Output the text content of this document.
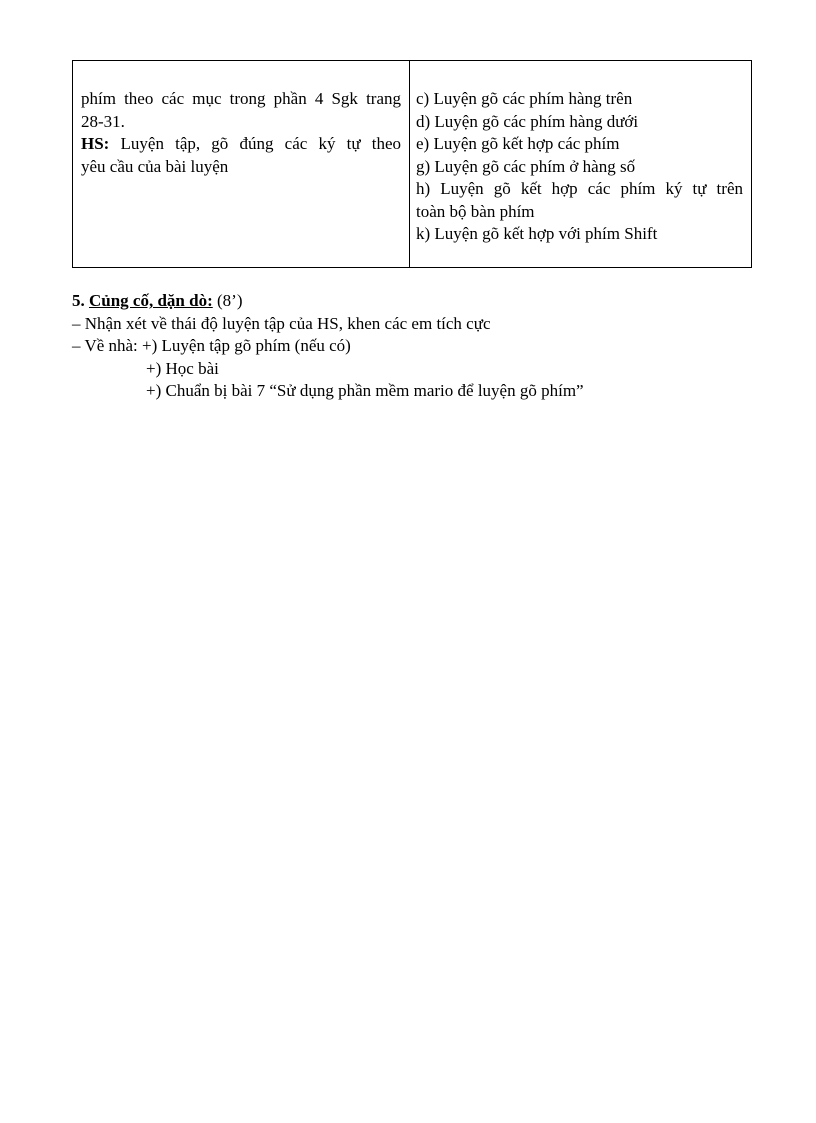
phím theo các mục trong phần 4 Sgk trang
28-31.
HS: Luyện tập, gõ đúng các ký tự theo
yêu cầu của bài luyện

c) Luyện gõ các phím hàng trên
d) Luyện gõ các phím hàng dưới
e) Luyện gõ kết hợp các phím
g) Luyện gõ các phím ở hàng số
h) Luyện gõ kết hợp các phím ký tự trên
toàn bộ bàn phím
k) Luyện gõ kết hợp với phím Shift
5. Củng cố, dặn dò: (8’)
– Nhận xét về thái độ luyện tập của HS, khen các em tích cực
– Về nhà: +) Luyện tập gõ phím (nếu có)
+) Học bài
+) Chuẩn bị bài 7 “Sử dụng phần mềm mario để luyện gõ phím”
